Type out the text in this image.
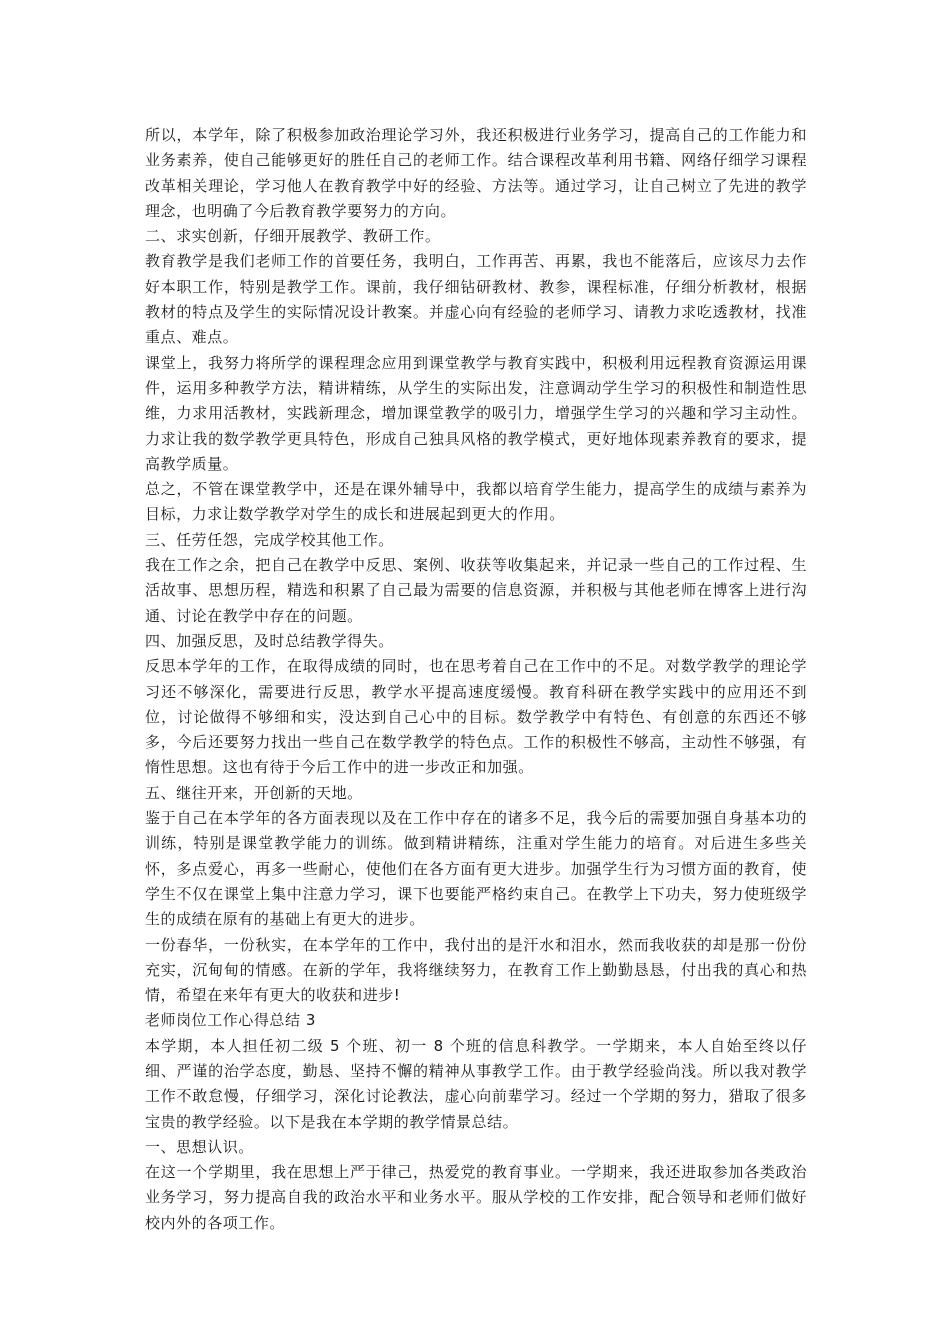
所以，本学年，除了积极参加政治理论学习外，我还积极进行业务学习，提高自己的工作能力和业务素养，使自己能够更好的胜任自己的老师工作。结合课程改革利用书籍、网络仔细学习课程改革相关理论，学习他人在教育教学中好的经验、方法等。通过学习，让自己树立了先进的教学理念，也明确了今后教育教学要努力的方向。

二、求实创新，仔细开展教学、教研工作。

教育教学是我们老师工作的首要任务，我明白，工作再苦、再累，我也不能落后，应该尽力去作好本职工作，特别是教学工作。课前，我仔细钻研教材、教参，课程标准，仔细分析教材，根据教材的特点及学生的实际情况设计教案。并虚心向有经验的老师学习、请教力求吃透教材，找准重点、难点。

课堂上，我努力将所学的课程理念应用到课堂教学与教育实践中，积极利用远程教育资源运用课件，运用多种教学方法，精讲精练，从学生的实际出发，注意调动学生学习的积极性和制造性思维，力求用活教材，实践新理念，增加课堂教学的吸引力，增强学生学习的兴趣和学习主动性。力求让我的数学教学更具特色，形成自己独具风格的教学模式，更好地体现素养教育的要求，提高教学质量。

总之，不管在课堂教学中，还是在课外辅导中，我都以培育学生能力，提高学生的成绩与素养为目标，力求让数学教学对学生的成长和进展起到更大的作用。

三、任劳任怨，完成学校其他工作。

我在工作之余，把自己在教学中反思、案例、收获等收集起来，并记录一些自己的工作过程、生活故事、思想历程，精选和积累了自己最为需要的信息资源，并积极与其他老师在博客上进行沟通、讨论在教学中存在的问题。

四、加强反思，及时总结教学得失。

反思本学年的工作，在取得成绩的同时，也在思考着自己在工作中的不足。对数学教学的理论学习还不够深化，需要进行反思，教学水平提高速度缓慢。教育科研在教学实践中的应用还不到位，讨论做得不够细和实，没达到自己心中的目标。数学教学中有特色、有创意的东西还不够多，今后还要努力找出一些自己在数学教学的特色点。工作的积极性不够高，主动性不够强，有惰性思想。这也有待于今后工作中的进一步改正和加强。

五、继往开来，开创新的天地。

鉴于自己在本学年的各方面表现以及在工作中存在的诸多不足，我今后的需要加强自身基本功的训练，特别是课堂教学能力的训练。做到精讲精练，注重对学生能力的培育。对后进生多些关怀，多点爱心，再多一些耐心，使他们在各方面有更大进步。加强学生行为习惯方面的教育，使学生不仅在课堂上集中注意力学习，课下也要能严格约束自己。在教学上下功夫，努力使班级学生的成绩在原有的基础上有更大的进步。

一份春华，一份秋实，在本学年的工作中，我付出的是汗水和泪水，然而我收获的却是那一份份充实，沉甸甸的情感。在新的学年，我将继续努力，在教育工作上勤勤恳恳，付出我的真心和热情，希望在来年有更大的收获和进步!

老师岗位工作心得总结 3

本学期，本人担任初二级 5 个班、初一 8 个班的信息科教学。一学期来，本人自始至终以仔细、严谨的治学态度，勤恳、坚持不懈的精神从事教学工作。由于教学经验尚浅。所以我对教学工作不敢怠慢，仔细学习，深化讨论教法，虚心向前辈学习。经过一个学期的努力，猎取了很多宝贵的教学经验。以下是我在本学期的教学情景总结。

一、思想认识。

在这一个学期里，我在思想上严于律己，热爱党的教育事业。一学期来，我还进取参加各类政治业务学习，努力提高自我的政治水平和业务水平。服从学校的工作安排，配合领导和老师们做好校内外的各项工作。
